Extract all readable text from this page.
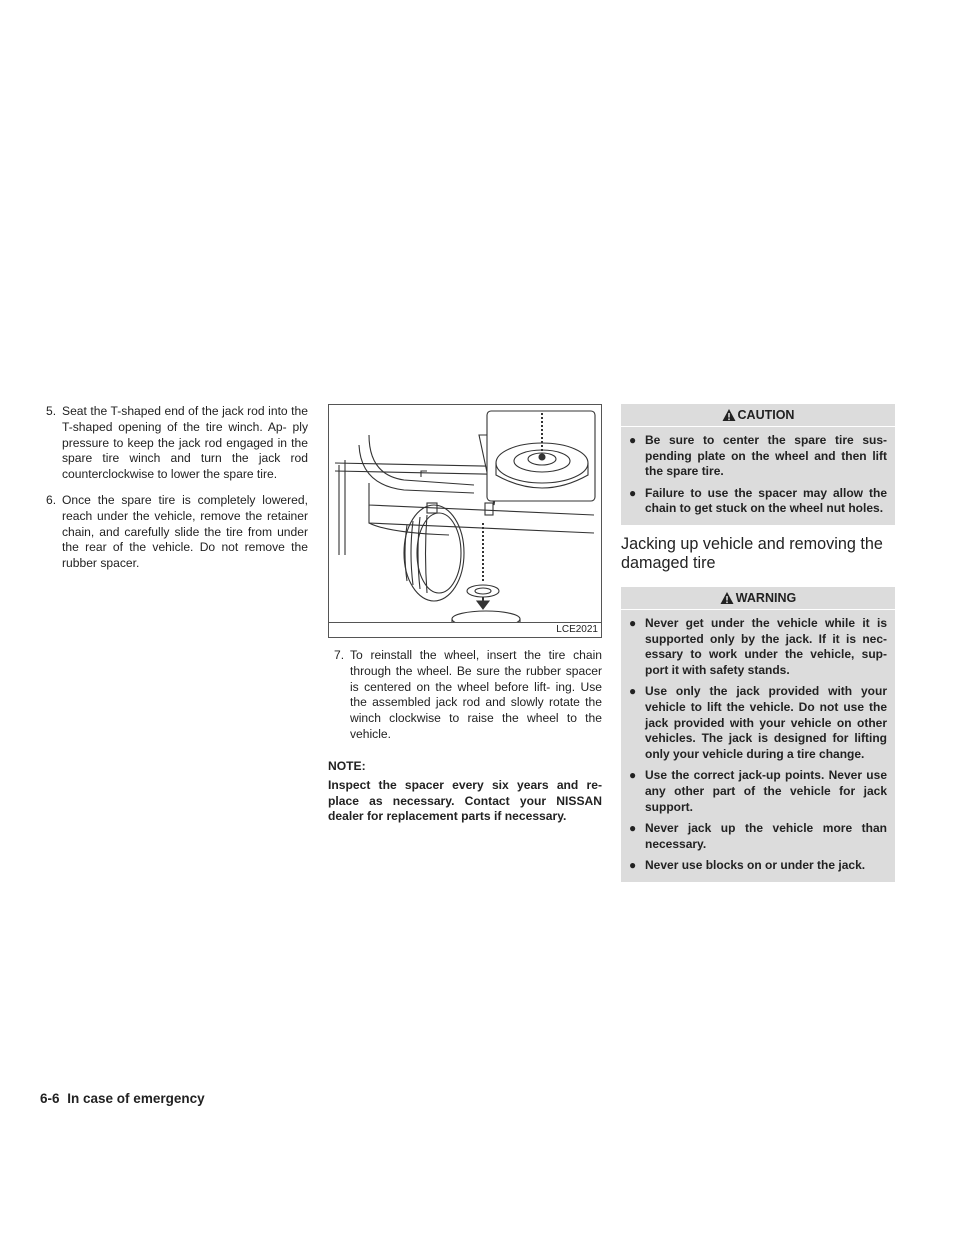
5. Seat the T-shaped end of the jack rod into the T-shaped opening of the tire winch. Ap- ply pressure to keep the jack rod engaged in the spare tire winch and turn the jack rod counterclockwise to lower the spare tire.

6. Once the spare tire is completely lowered, reach under the vehicle, remove the retainer chain, and carefully slide the tire from under the rear of the vehicle. Do not remove the rubber spacer.

LCE2021

7. To reinstall the wheel, insert the tire chain through the wheel. Be sure the rubber spacer is centered on the wheel before lift- ing. Use the assembled jack rod and slowly rotate the winch clockwise to raise the wheel to the vehicle.

NOTE:

Inspect the spacer every six years and re- place as necessary. Contact your NISSAN dealer for replacement parts if necessary.

CAUTION

● Be sure to center the spare tire sus- pending plate on the wheel and then lift the spare tire.

● Failure to use the spacer may allow the chain to get stuck on the wheel nut holes.

Jacking up vehicle and removing the damaged tire
WARNING

● Never get under the vehicle while it is supported only by the jack. If it is nec- essary to work under the vehicle, sup- port it with safety stands.

● Use only the jack provided with your vehicle to lift the vehicle. Do not use the jack provided with your vehicle on other vehicles. The jack is designed for lifting only your vehicle during a tire change.

● Use the correct jack-up points. Never use any other part of the vehicle for jack support.

● Never jack up the vehicle more than necessary.

● Never use blocks on or under the jack.

6-6 In case of emergency
